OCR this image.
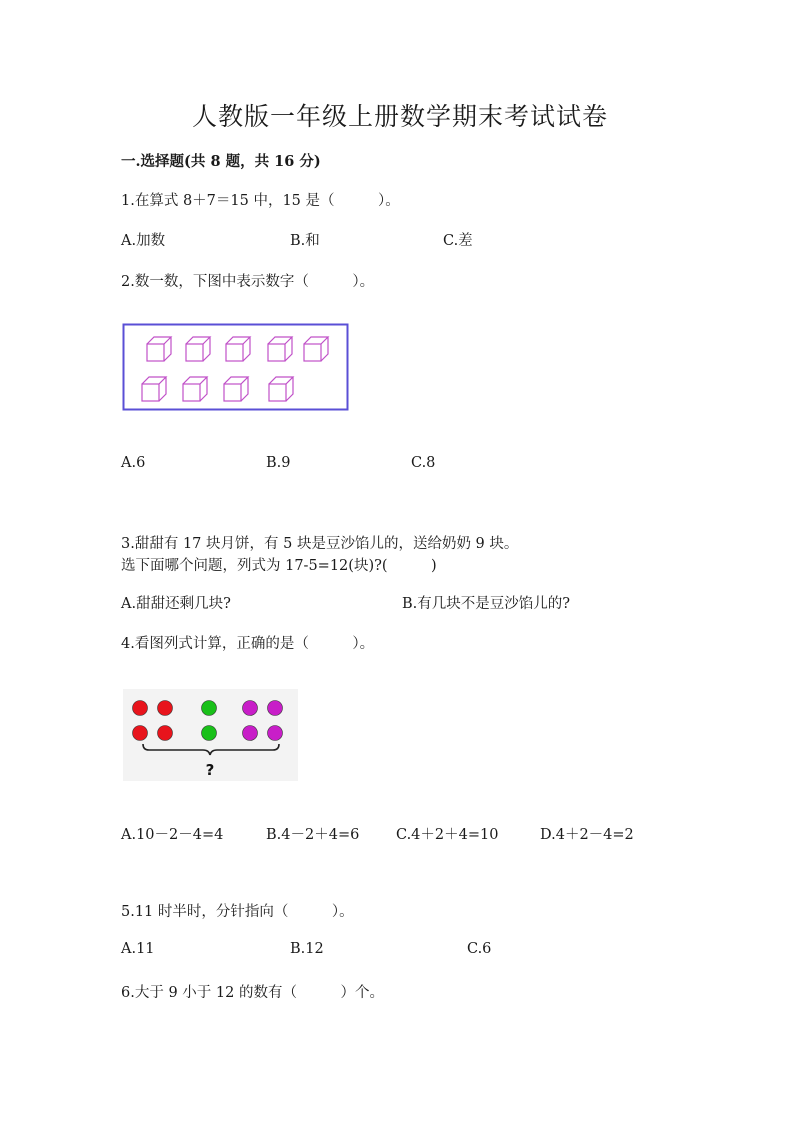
人教版一年级上册数学期末考试试卷
一.选择题(共 8 题，共 16 分)
1.在算式 8＋7＝15 中，15 是（　　　）。
A.加数	B.和	C.差
2.数一数，下图中表示数字（　　　）。
A.6	B.9	C.8
3.甜甜有 17 块月饼，有 5 块是豆沙馅儿的，送给奶奶 9 块。
选下面哪个问题，列式为 17-5=12(块)?(　　　)
A.甜甜还剩几块?	B.有几块不是豆沙馅儿的?
4.看图列式计算，正确的是（　　　）。
?
A.10－2－4=4	B.4－2＋4=6	C.4＋2＋4=10	D.4＋2－4=2
5.11 时半时，分针指向（　　　）。
A.11	B.12	C.6
6.大于 9 小于 12 的数有（　　　）个。
